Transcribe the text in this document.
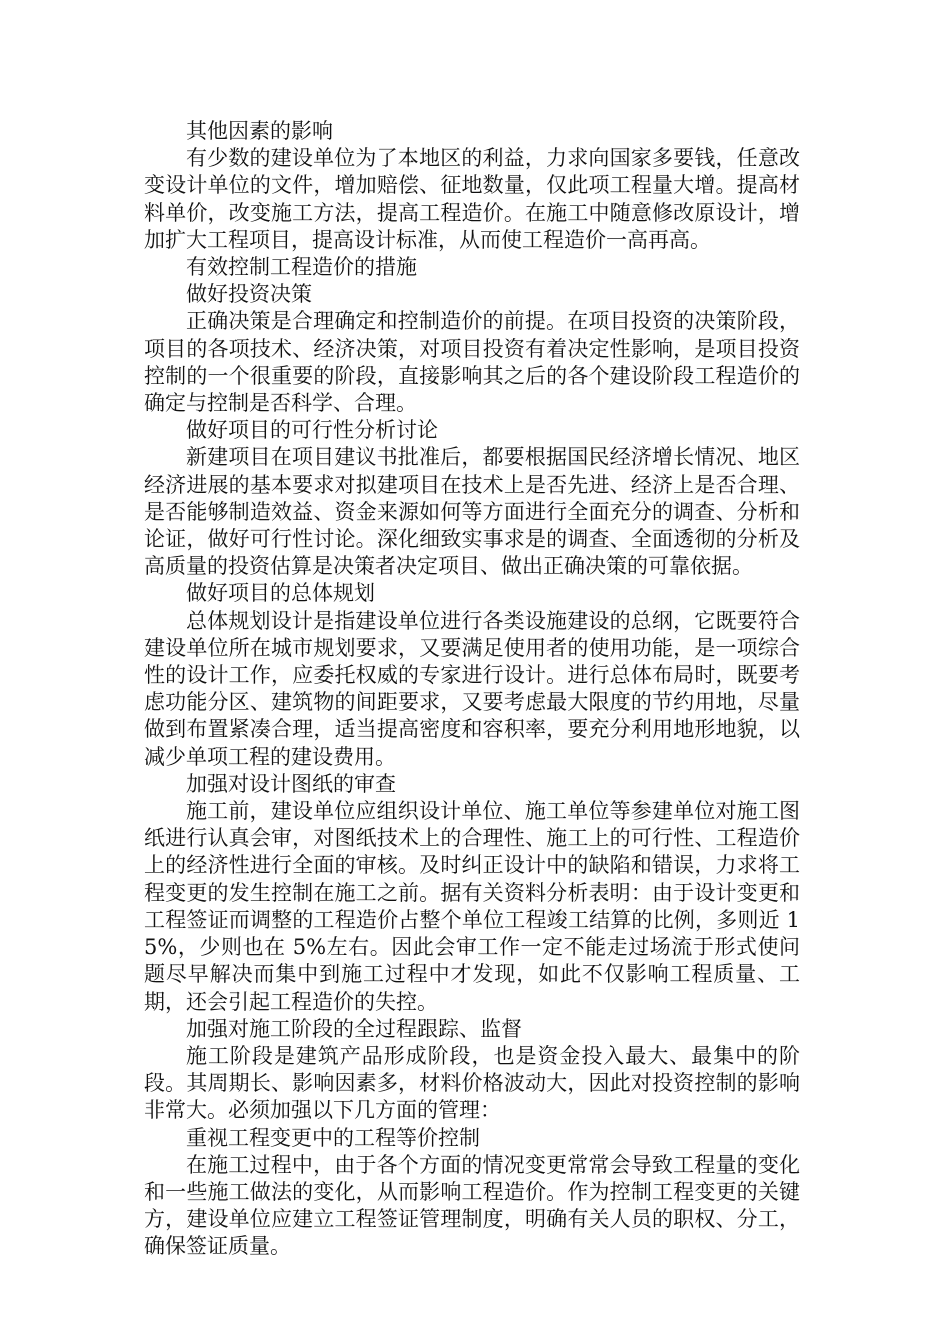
其他因素的影响

有少数的建设单位为了本地区的利益，力求向国家多要钱，任意改变设计单位的文件，增加赔偿、征地数量，仅此项工程量大增。提高材料单价，改变施工方法，提高工程造价。在施工中随意修改原设计，增加扩大工程项目，提高设计标准，从而使工程造价一高再高。

有效控制工程造价的措施

做好投资决策

正确决策是合理确定和控制造价的前提。在项目投资的决策阶段，项目的各项技术、经济决策，对项目投资有着决定性影响，是项目投资控制的一个很重要的阶段，直接影响其之后的各个建设阶段工程造价的确定与控制是否科学、合理。

做好项目的可行性分析讨论

新建项目在项目建议书批准后，都要根据国民经济增长情况、地区经济进展的基本要求对拟建项目在技术上是否先进、经济上是否合理、是否能够制造效益、资金来源如何等方面进行全面充分的调查、分析和论证，做好可行性讨论。深化细致实事求是的调查、全面透彻的分析及高质量的投资估算是决策者决定项目、做出正确决策的可靠依据。

做好项目的总体规划

总体规划设计是指建设单位进行各类设施建设的总纲，它既要符合建设单位所在城市规划要求，又要满足使用者的使用功能，是一项综合性的设计工作，应委托权威的专家进行设计。进行总体布局时，既要考虑功能分区、建筑物的间距要求，又要考虑最大限度的节约用地，尽量做到布置紧凑合理，适当提高密度和容积率，要充分利用地形地貌，以减少单项工程的建设费用。

加强对设计图纸的审查

施工前，建设单位应组织设计单位、施工单位等参建单位对施工图纸进行认真会审，对图纸技术上的合理性、施工上的可行性、工程造价上的经济性进行全面的审核。及时纠正设计中的缺陷和错误，力求将工程变更的发生控制在施工之前。据有关资料分析表明：由于设计变更和工程签证而调整的工程造价占整个单位工程竣工结算的比例，多则近 15%，少则也在 5%左右。因此会审工作一定不能走过场流于形式使问题尽早解决而集中到施工过程中才发现，如此不仅影响工程质量、工期，还会引起工程造价的失控。

加强对施工阶段的全过程跟踪、监督

施工阶段是建筑产品形成阶段，也是资金投入最大、最集中的阶段。其周期长、影响因素多，材料价格波动大，因此对投资控制的影响非常大。必须加强以下几方面的管理：

重视工程变更中的工程等价控制

在施工过程中，由于各个方面的情况变更常常会导致工程量的变化和一些施工做法的变化，从而影响工程造价。作为控制工程变更的关键方，建设单位应建立工程签证管理制度，明确有关人员的职权、分工，确保签证质量。
